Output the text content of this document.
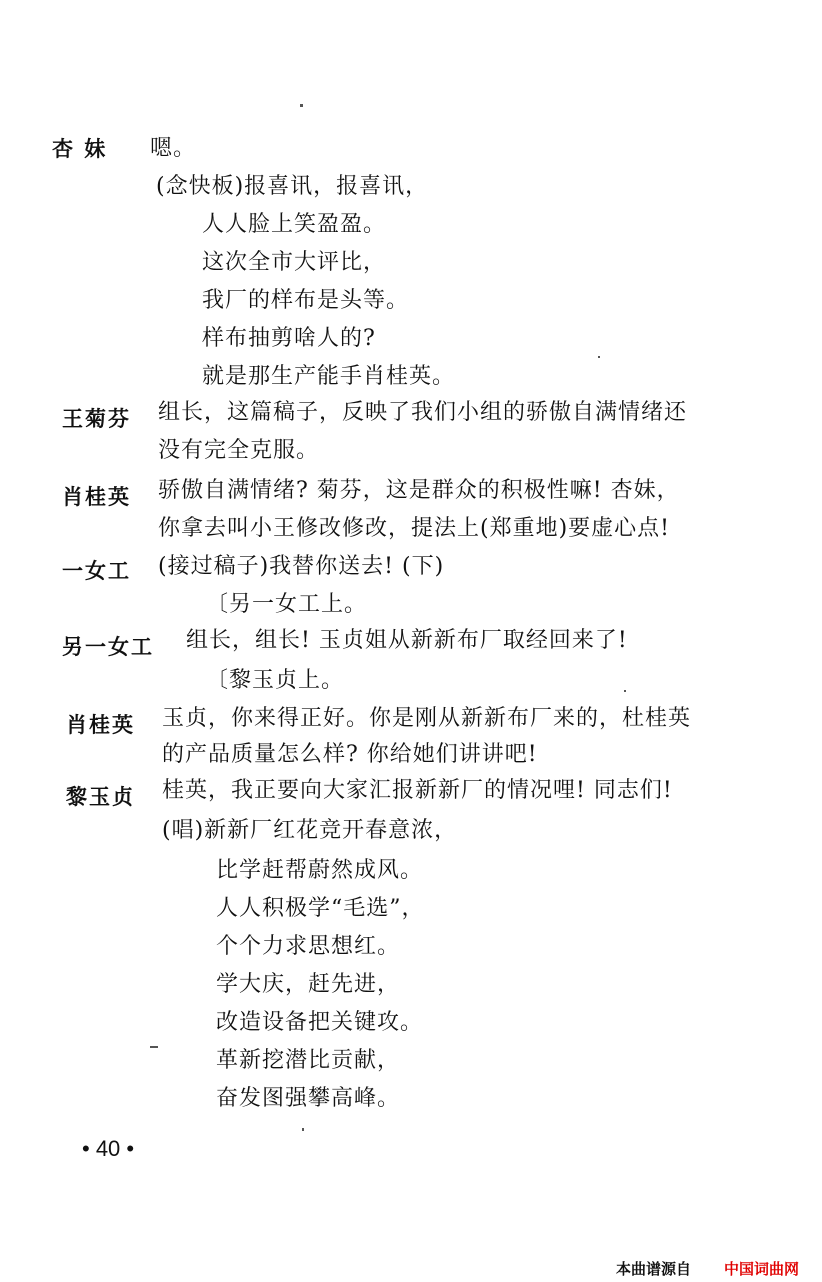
杏 妹 嗯。
(念快板)报喜讯，报喜讯，
人人脸上笑盈盈。
这次全市大评比，
我厂的样布是头等。
样布抽剪啥人的?
就是那生产能手肖桂英。
王菊芬 组长，这篇稿子，反映了我们小组的骄傲自满情绪还
没有完全克服。
肖桂英 骄傲自满情绪? 菊芬，这是群众的积极性嘛! 杏妹，
你拿去叫小王修改修改，提法上(郑重地)要虚心点!
一女工 (接过稿子)我替你送去! (下)
〔另一女工上。
另一女工 组长，组长! 玉贞姐从新新布厂取经回来了!
〔黎玉贞上。
肖桂英 玉贞，你来得正好。你是刚从新新布厂来的，杜桂英
的产品质量怎么样? 你给她们讲讲吧!
黎玉贞 桂英，我正要向大家汇报新新厂的情况哩! 同志们!
(唱)新新厂红花竞开春意浓，
比学赶帮蔚然成风。
人人积极学“毛选”，
个个力求思想红。
学大庆，赶先进，
改造设备把关键攻。
革新挖潜比贡献，
奋发图强攀高峰。
• 40 •
本曲谱源自 中国词曲网
